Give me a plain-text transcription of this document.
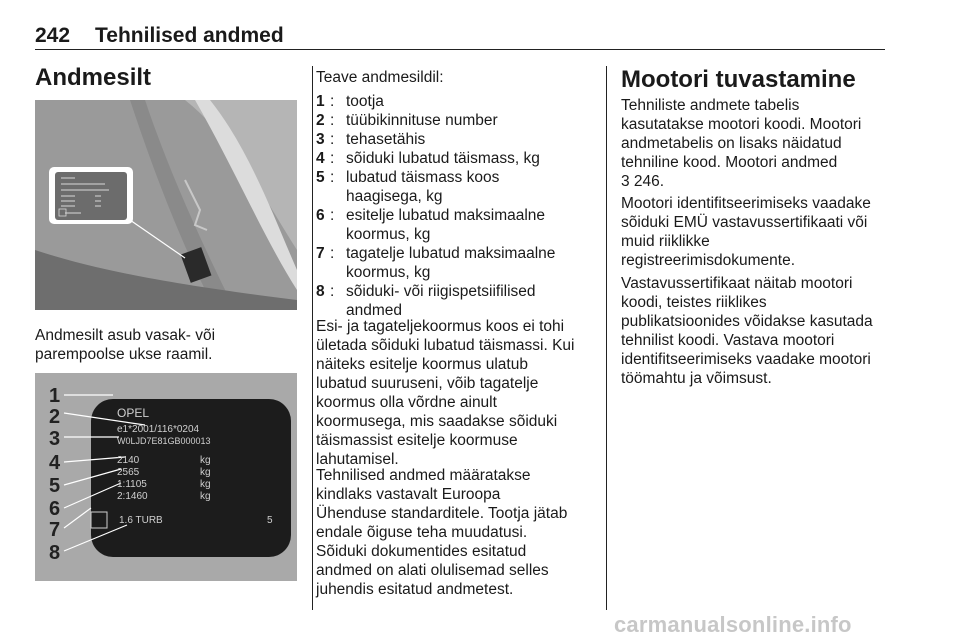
242 Tehnilised andmed
Andmesilt
Andmesilt asub vasak- või
parempoolse ukse raamil.
1
2
3
4
5
6
7
8
OPEL
e1*2001/116*0204
W0LJD7E81GB000013
2140
2565
1:1105
2:1460
kg
kg
kg
kg
1.6 TURB	5
Teave andmesildil:
1 : tootja
2 : tüübikinnituse number
3 : tehasetähis
4 : sõiduki lubatud täismass, kg
5 : lubatud täismass koos
haagisega, kg
6 : esitelje lubatud maksimaalne
koormus, kg
7 : tagatelje lubatud maksimaalne
koormus, kg
8 : sõiduki- või riigispetsiifilised
andmed
Esi- ja tagateljekoormus koos ei tohi
ületada sõiduki lubatud täismassi. Kui
näiteks esitelje koormus ulatub
lubatud suuruseni, võib tagatelje
koormus olla võrdne ainult
koormusega, mis saadakse sõiduki
täismassist esitelje koormuse
lahutamisel.
Tehnilised andmed määratakse
kindlaks vastavalt Euroopa
Ühenduse standarditele. Tootja jätab
endale õiguse teha muudatusi.
Sõiduki dokumentides esitatud
andmed on alati olulisemad selles
juhendis esitatud andmetest.
Mootori tuvastamine
Tehniliste andmete tabelis
kasutatakse mootori koodi. Mootori
andmetabelis on lisaks näidatud
tehniline kood. Mootori andmed
3 246.
Mootori identifitseerimiseks vaadake
sõiduki EMÜ vastavussertifikaati või
muid riiklikke
registreerimisdokumente.
Vastavussertifikaat näitab mootori
koodi, teistes riiklikes
publikatsioonides võidakse kasutada
tehnilist koodi. Vastava mootori
identifitseerimiseks vaadake mootori
töömahtu ja võimsust.
carmanualsonline.info
